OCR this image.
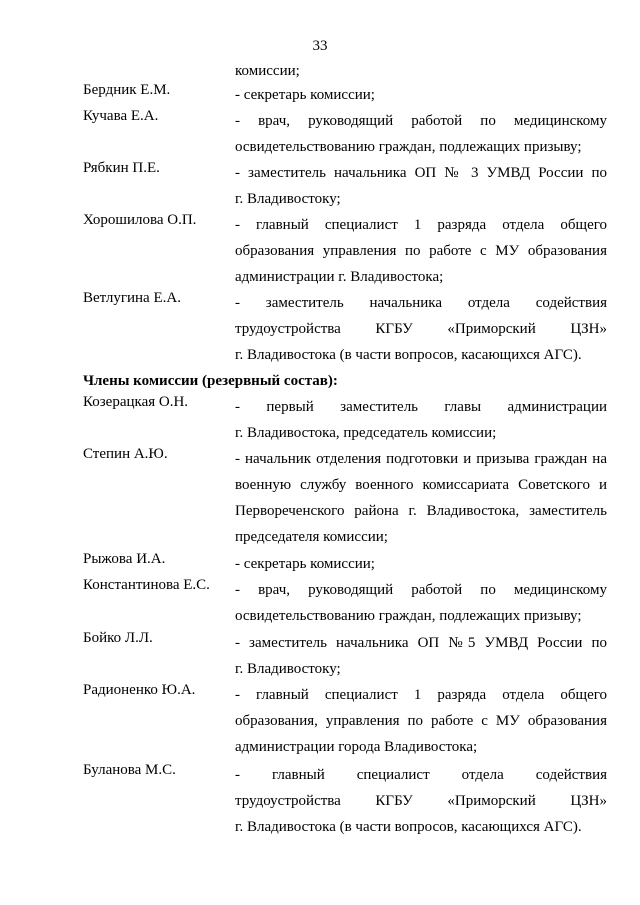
33
комиссии;
Бердник Е.М.	- секретарь комиссии;
Кучава Е.А.	- врач, руководящий работой по медицинскому
освидетельствованию граждан, подлежащих призыву;
Рябкин П.Е.	- заместитель начальника ОП № 3 УМВД России по
г. Владивостоку;
Хорошилова О.П.	- главный специалист 1 разряда отдела общего
образования управления по работе с МУ образования
администрации г. Владивостока;
Ветлугина Е.А.	- заместитель начальника отдела содействия
трудоустройства КГБУ «Приморский ЦЗН»
г. Владивостока (в части вопросов, касающихся АГС).
Члены комиссии (резервный состав):
Козерацкая О.Н.	- первый заместитель главы администрации
г. Владивостока, председатель комиссии;
Степин А.Ю.	- начальник отделения подготовки и призыва граждан на
военную службу военного комиссариата Советского и
Первореченского района г. Владивостока, заместитель
председателя комиссии;
Рыжова И.А.	- секретарь комиссии;
Константинова Е.С. - врач, руководящий работой по медицинскому
освидетельствованию граждан, подлежащих призыву;
Бойко Л.Л.	- заместитель начальника ОП №5 УМВД России по
г. Владивостоку;
Радионенко Ю.А.	- главный специалист 1 разряда отдела общего
образования, управления по работе с МУ образования
администрации города Владивостока;
Буланова М.С.	- главный специалист отдела содействия
трудоустройства КГБУ «Приморский ЦЗН»
г. Владивостока (в части вопросов, касающихся АГС).
